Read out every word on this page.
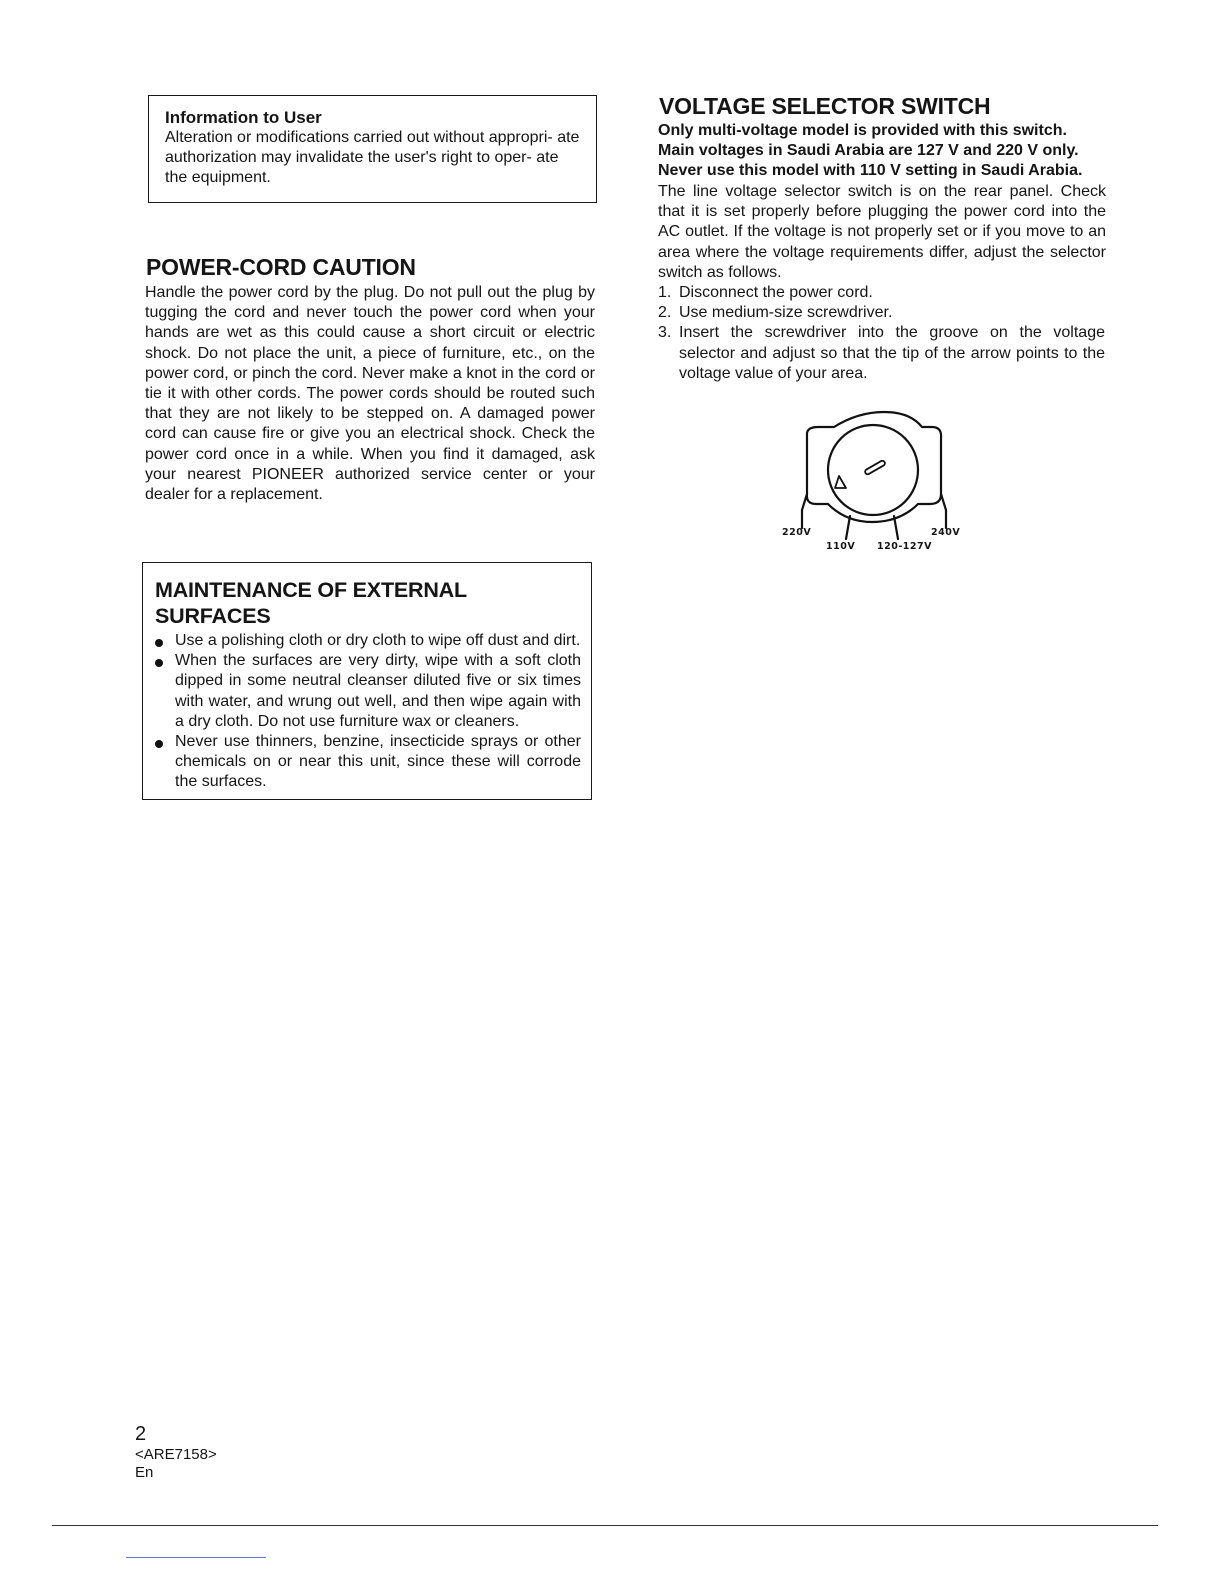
Information to User

Alteration or modifications carried out without appropri- ate authorization may invalidate the user's right to oper- ate the equipment.

POWER-CORD CAUTION

Handle the power cord by the plug. Do not pull out the plug by tugging the cord and never touch the power cord when your hands are wet as this could cause a short circuit or electric shock. Do not place the unit, a piece of furniture, etc., on the power cord, or pinch the cord. Never make a knot in the cord or tie it with other cords. The power cords should be routed such that they are not likely to be stepped on. A damaged power cord can cause fire or give you an electrical shock. Check the power cord once in a while. When you find it damaged, ask your nearest PIONEER authorized service center or your dealer for a replacement.

MAINTENANCE OF EXTERNAL SURFACES
Use a polishing cloth or dry cloth to wipe off dust and dirt.
When the surfaces are very dirty, wipe with a soft cloth dipped in some neutral cleanser diluted five or six times with water, and wrung out well, and then wipe again with a dry cloth. Do not use furniture wax or cleaners.
Never use thinners, benzine, insecticide sprays or other chemicals on or near this unit, since these will corrode the surfaces.
VOLTAGE SELECTOR SWITCH
Only multi-voltage model is provided with this switch.
Main voltages in Saudi Arabia are 127 V and 220 V only.
Never use this model with 110 V setting in Saudi Arabia.

The line voltage selector switch is on the rear panel. Check that it is set properly before plugging the power cord into the AC outlet. If the voltage is not properly set or if you move to an area where the voltage requirements differ, adjust the selector switch as follows.

1. Disconnect the power cord.
2. Use medium-size screwdriver.
3. Insert the screwdriver into the groove on the voltage selector and adjust so that the tip of the arrow points to the voltage value of your area.
220V	240V
110V 120-127V
2
<ARE7158>
En
